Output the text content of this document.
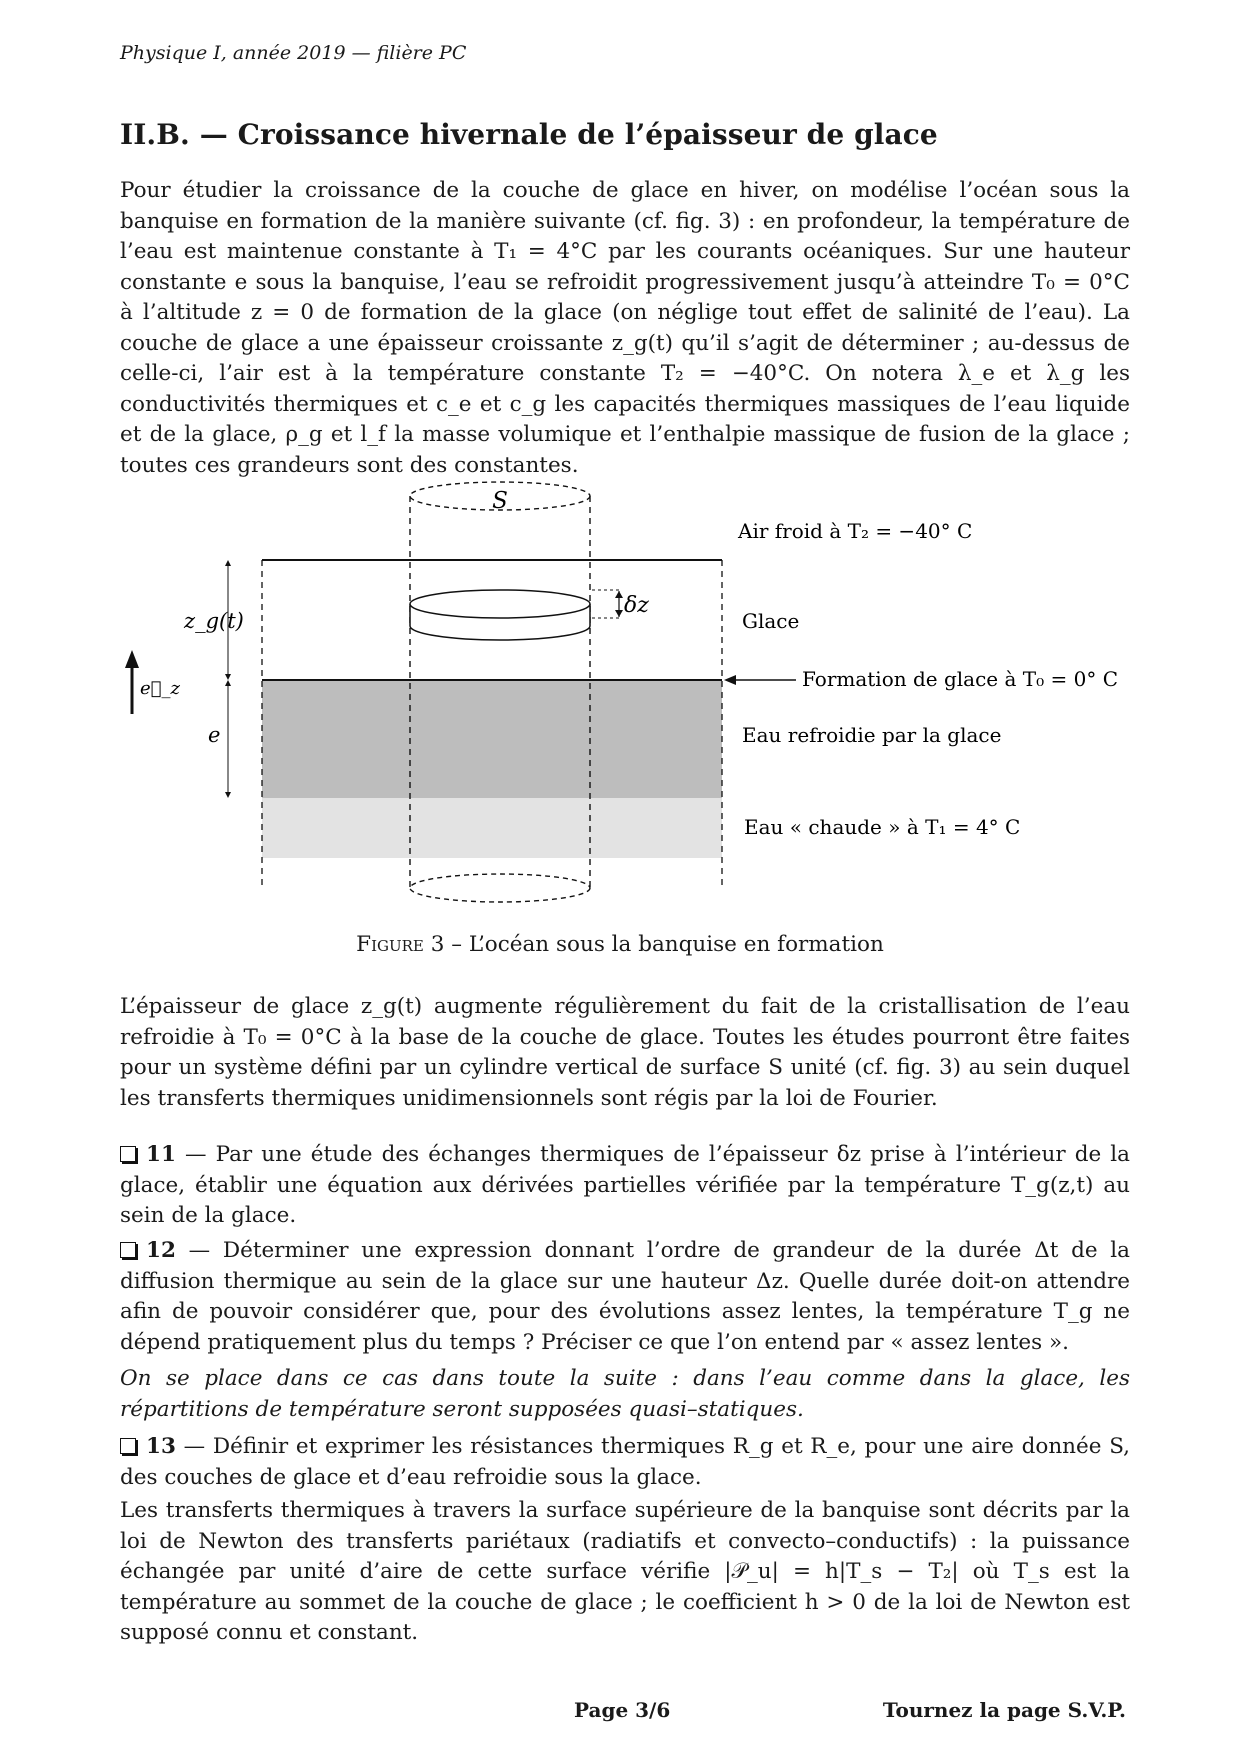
Physique I, année 2019 — filière PC
II.B. — Croissance hivernale de l’épaisseur de glace
Pour étudier la croissance de la couche de glace en hiver, on modélise l’océan sous la banquise en formation de la manière suivante (cf. fig. 3) : en profondeur, la température de l’eau est maintenue constante à T₁ = 4°C par les courants océaniques. Sur une hauteur constante e sous la banquise, l’eau se refroidit progressivement jusqu’à atteindre T₀ = 0°C à l’altitude z = 0 de formation de la glace (on néglige tout effet de salinité de l’eau). La couche de glace a une épaisseur croissante z_g(t) qu’il s’agit de déterminer ; au-dessus de celle-ci, l’air est à la température constante T₂ = −40°C. On notera λ_e et λ_g les conductivités thermiques et c_e et c_g les capacités thermiques massiques de l’eau liquide et de la glace, ρ_g et l_f la masse volumique et l’enthalpie massique de fusion de la glace ; toutes ces grandeurs sont des constantes.
S
δz
z_g(t)
e
e⃗_z
Air froid à T₂ = −40° C
Glace
Formation de glace à T₀ = 0° C
Eau refroidie par la glace
Eau « chaude » à T₁ = 4° C
Figure 3 – L’océan sous la banquise en formation
L’épaisseur de glace z_g(t) augmente régulièrement du fait de la cristallisation de l’eau refroidie à T₀ = 0°C à la base de la couche de glace. Toutes les études pourront être faites pour un système défini par un cylindre vertical de surface S unité (cf. fig. 3) au sein duquel les transferts thermiques unidimensionnels sont régis par la loi de Fourier.
11 — Par une étude des échanges thermiques de l’épaisseur δz prise à l’intérieur de la glace, établir une équation aux dérivées partielles vérifiée par la température T_g(z,t) au sein de la glace.
12 — Déterminer une expression donnant l’ordre de grandeur de la durée Δt de la diffusion thermique au sein de la glace sur une hauteur Δz. Quelle durée doit-on attendre afin de pouvoir considérer que, pour des évolutions assez lentes, la température T_g ne dépend pratiquement plus du temps ? Préciser ce que l’on entend par « assez lentes ».
On se place dans ce cas dans toute la suite : dans l’eau comme dans la glace, les répartitions de température seront supposées quasi–statiques.
13 — Définir et exprimer les résistances thermiques R_g et R_e, pour une aire donnée S, des couches de glace et d’eau refroidie sous la glace.
Les transferts thermiques à travers la surface supérieure de la banquise sont décrits par la loi de Newton des transferts pariétaux (radiatifs et convecto–conductifs) : la puissance échangée par unité d’aire de cette surface vérifie |𝒫_u| = h|T_s − T₂| où T_s est la température au sommet de la couche de glace ; le coefficient h > 0 de la loi de Newton est supposé connu et constant.
Page 3/6	Tournez la page S.V.P.
